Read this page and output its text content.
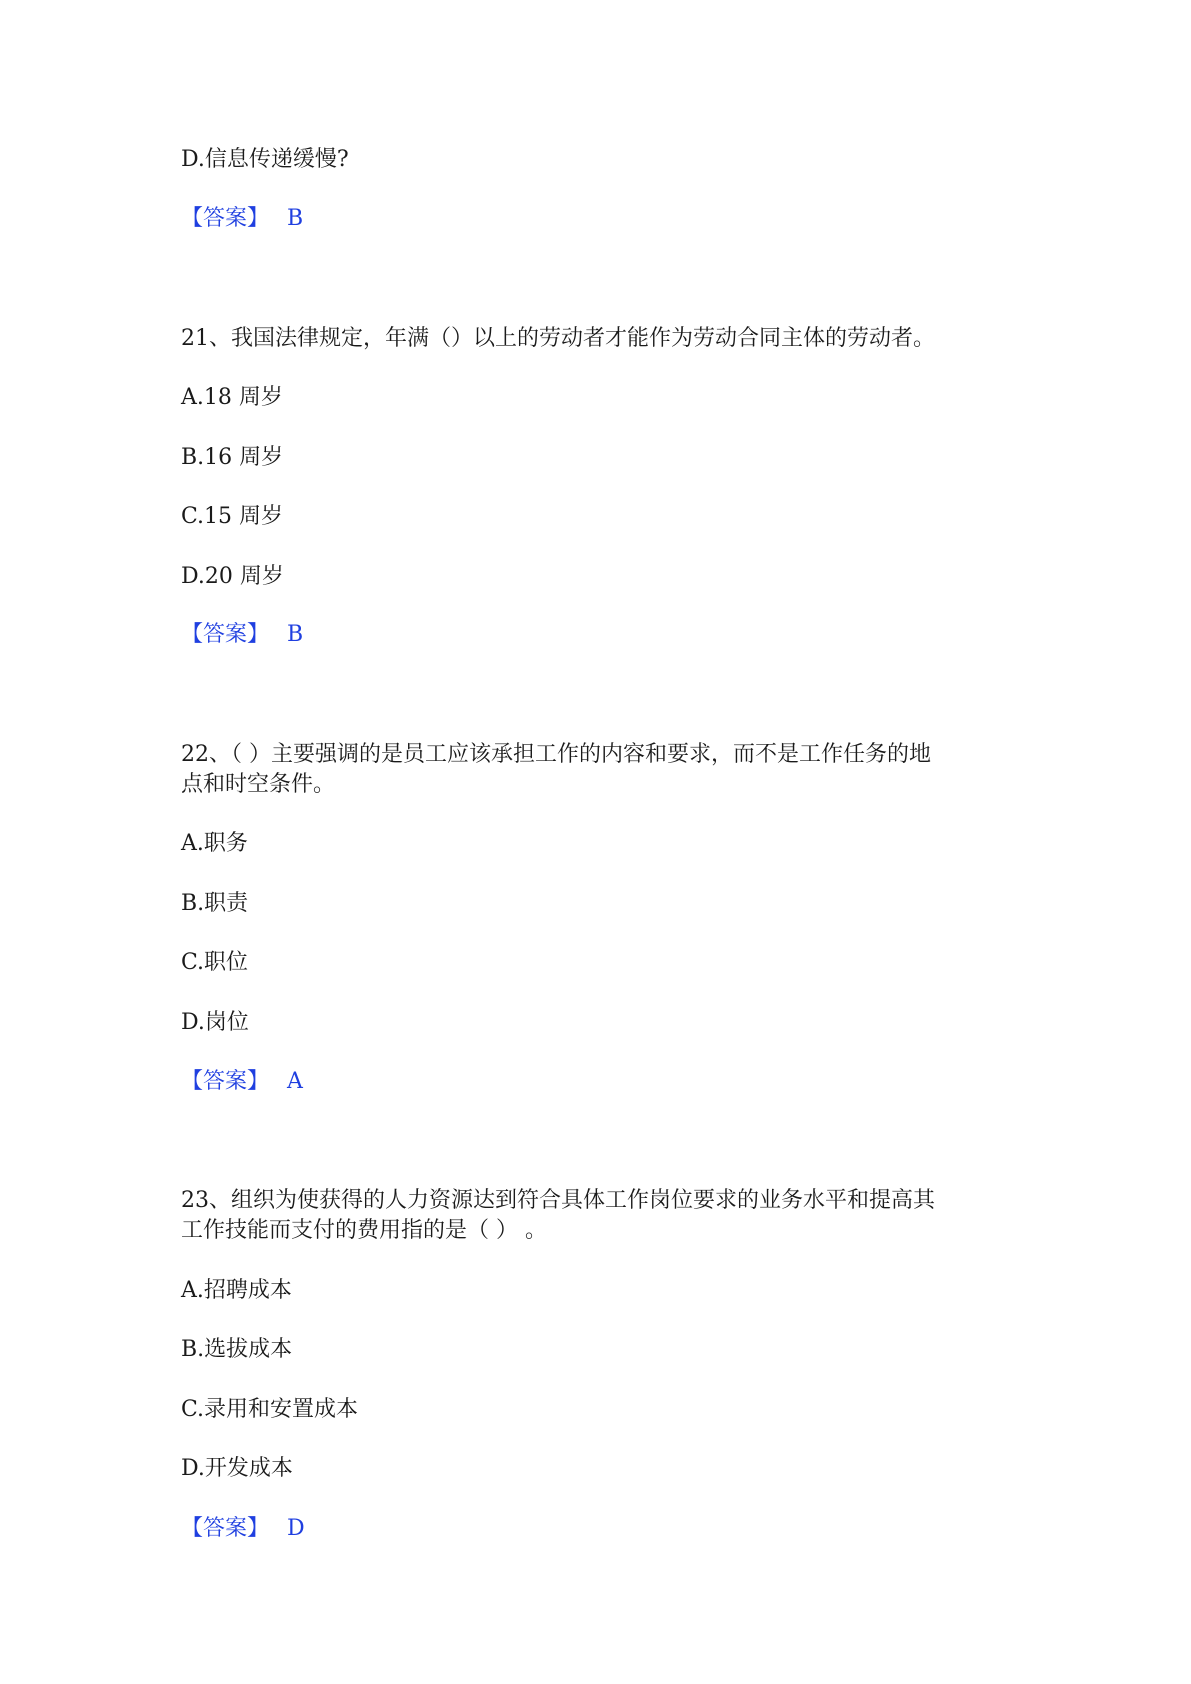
D.信息传递缓慢?

【答案】 B

21、我国法律规定，年满（）以上的劳动者才能作为劳动合同主体的劳动者。

A.18 周岁

B.16 周岁

C.15 周岁

D.20 周岁

【答案】 B

22、（ ）主要强调的是员工应该承担工作的内容和要求，而不是工作任务的地

点和时空条件。

A.职务

B.职责

C.职位

D.岗位

【答案】 A

23、组织为使获得的人力资源达到符合具体工作岗位要求的业务水平和提高其

工作技能而支付的费用指的是（ ） 。

A.招聘成本

B.选拔成本

C.录用和安置成本

D.开发成本

【答案】 D
